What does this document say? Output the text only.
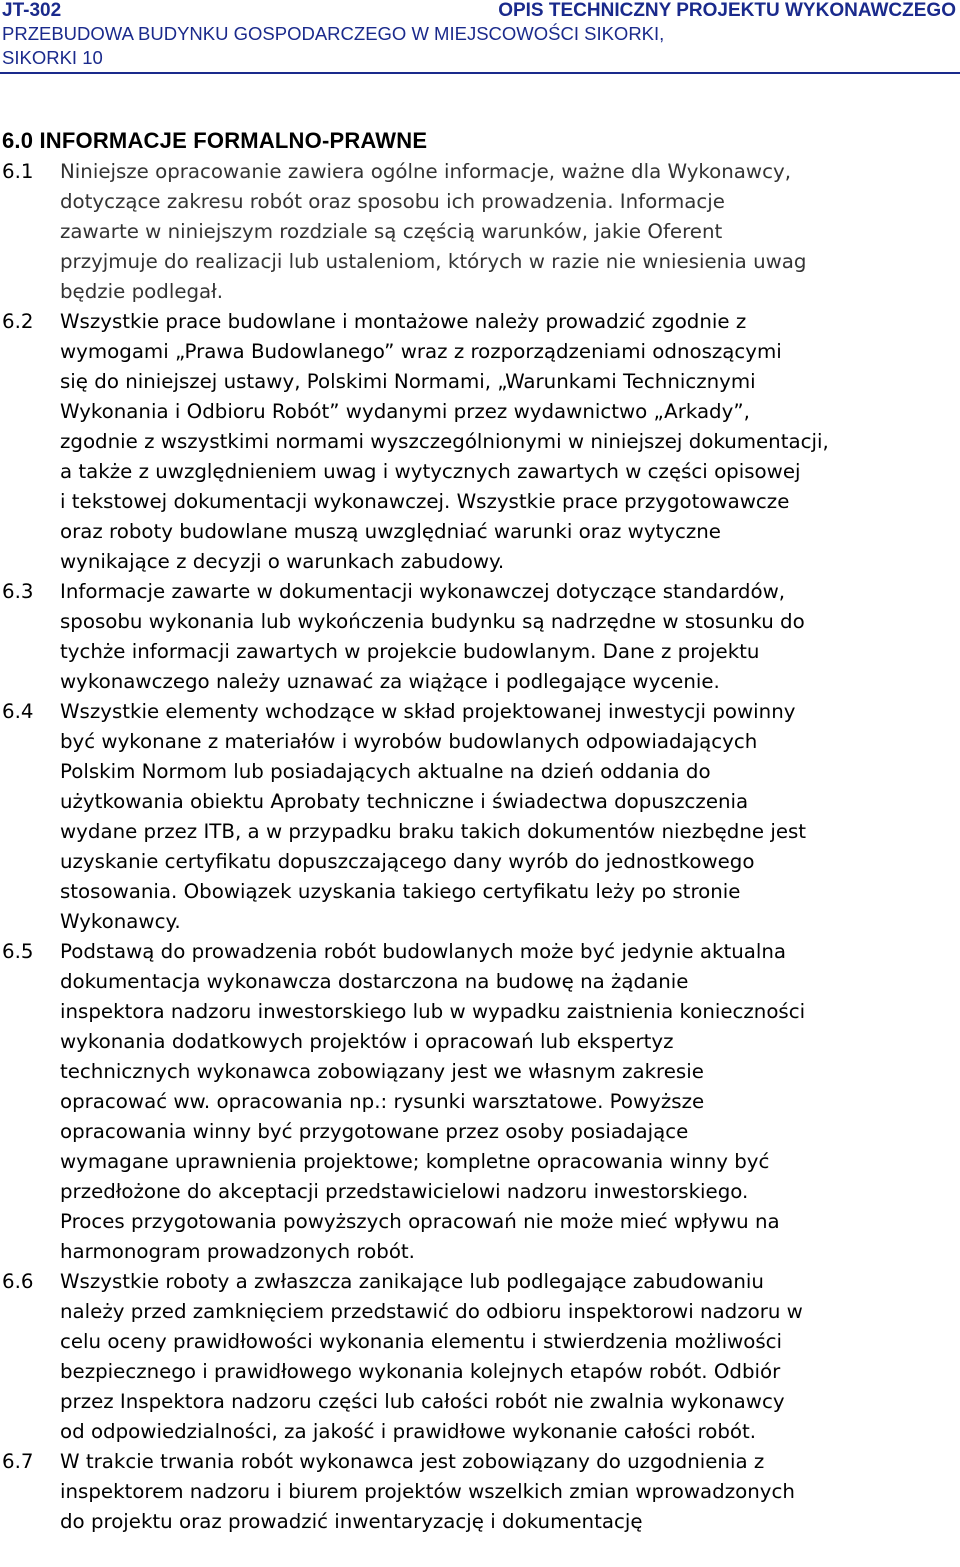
JT-302	OPIS TECHNICZNY PROJEKTU WYKONAWCZEGO
PRZEBUDOWA BUDYNKU GOSPODARCZEGO W MIEJSCOWOŚCI SIKORKI,
SIKORKI 10
6.0 INFORMACJE FORMALNO-PRAWNE
6.1 Niniejsze opracowanie zawiera ogólne informacje, ważne dla Wykonawcy,
dotyczące zakresu robót oraz sposobu ich prowadzenia. Informacje
zawarte w niniejszym rozdziale są częścią warunków, jakie Oferent
przyjmuje do realizacji lub ustaleniom, których w razie nie wniesienia uwag
będzie podlegał.
6.2 Wszystkie prace budowlane i montażowe należy prowadzić zgodnie z
wymogami „Prawa Budowlanego” wraz z rozporządzeniami odnoszącymi
się do niniejszej ustawy, Polskimi Normami, „Warunkami Technicznymi
Wykonania i Odbioru Robót” wydanymi przez wydawnictwo „Arkady”,
zgodnie z wszystkimi normami wyszczególnionymi w niniejszej dokumentacji,
a także z uwzględnieniem uwag i wytycznych zawartych w części opisowej
i tekstowej dokumentacji wykonawczej. Wszystkie prace przygotowawcze
oraz roboty budowlane muszą uwzględniać warunki oraz wytyczne
wynikające z decyzji o warunkach zabudowy.
6.3 Informacje zawarte w dokumentacji wykonawczej dotyczące standardów,
sposobu wykonania lub wykończenia budynku są nadrzędne w stosunku do
tychże informacji zawartych w projekcie budowlanym. Dane z projektu
wykonawczego należy uznawać za wiążące i podlegające wycenie.
6.4 Wszystkie elementy wchodzące w skład projektowanej inwestycji powinny
być wykonane z materiałów i wyrobów budowlanych odpowiadających
Polskim Normom lub posiadających aktualne na dzień oddania do
użytkowania obiektu Aprobaty techniczne i świadectwa dopuszczenia
wydane przez ITB, a w przypadku braku takich dokumentów niezbędne jest
uzyskanie certyfikatu dopuszczającego dany wyrób do jednostkowego
stosowania. Obowiązek uzyskania takiego certyfikatu leży po stronie
Wykonawcy.
6.5 Podstawą do prowadzenia robót budowlanych może być jedynie aktualna
dokumentacja wykonawcza dostarczona na budowę na żądanie
inspektora nadzoru inwestorskiego lub w wypadku zaistnienia konieczności
wykonania dodatkowych projektów i opracowań lub ekspertyz
technicznych wykonawca zobowiązany jest we własnym zakresie
opracować ww. opracowania np.: rysunki warsztatowe. Powyższe
opracowania winny być przygotowane przez osoby posiadające
wymagane uprawnienia projektowe; kompletne opracowania winny być
przedłożone do akceptacji przedstawicielowi nadzoru inwestorskiego.
Proces przygotowania powyższych opracowań nie może mieć wpływu na
harmonogram prowadzonych robót.
6.6 Wszystkie roboty a zwłaszcza zanikające lub podlegające zabudowaniu
należy przed zamknięciem przedstawić do odbioru inspektorowi nadzoru w
celu oceny prawidłowości wykonania elementu i stwierdzenia możliwości
bezpiecznego i prawidłowego wykonania kolejnych etapów robót. Odbiór
przez Inspektora nadzoru części lub całości robót nie zwalnia wykonawcy
od odpowiedzialności, za jakość i prawidłowe wykonanie całości robót.
6.7 W trakcie trwania robót wykonawca jest zobowiązany do uzgodnienia z
inspektorem nadzoru i biurem projektów wszelkich zmian wprowadzonych
do projektu oraz prowadzić inwentaryzację i dokumentację
